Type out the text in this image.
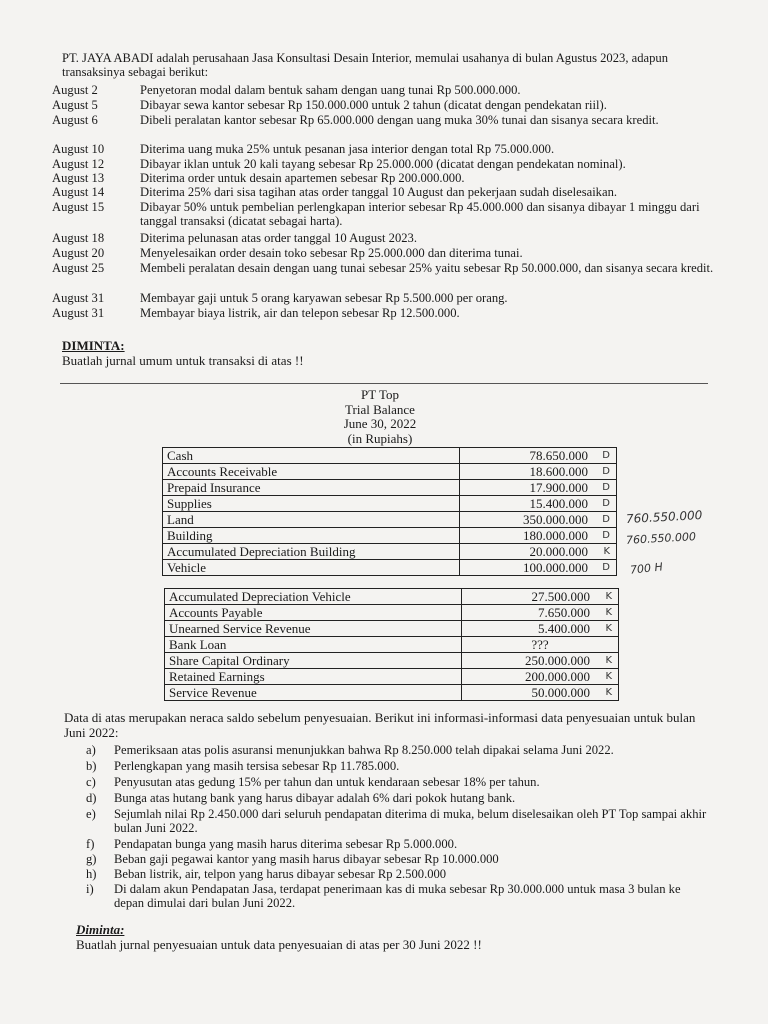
PT. JAYA ABADI adalah perusahaan Jasa Konsultasi Desain Interior, memulai usahanya di bulan Agustus 2023, adapun transaksinya sebagai berikut:
August 2	Penyetoran modal dalam bentuk saham dengan uang tunai Rp 500.000.000.
August 5	Dibayar sewa kantor sebesar Rp 150.000.000 untuk 2 tahun (dicatat dengan pendekatan riil).
August 6	Dibeli peralatan kantor sebesar Rp 65.000.000 dengan uang muka 30% tunai dan sisanya secara kredit.
August 10	Diterima uang muka 25% untuk pesanan jasa interior dengan total Rp 75.000.000.
August 12	Dibayar iklan untuk 20 kali tayang sebesar Rp 25.000.000 (dicatat dengan pendekatan nominal).
August 13	Diterima order untuk desain apartemen sebesar Rp 200.000.000.
August 14	Diterima 25% dari sisa tagihan atas order tanggal 10 August dan pekerjaan sudah diselesaikan.
August 15	Dibayar 50% untuk pembelian perlengkapan interior sebesar Rp 45.000.000 dan sisanya dibayar 1 minggu dari tanggal transaksi (dicatat sebagai harta).
August 18	Diterima pelunasan atas order tanggal 10 August 2023.
August 20	Menyelesaikan order desain toko sebesar Rp 25.000.000 dan diterima tunai.
August 25	Membeli peralatan desain dengan uang tunai sebesar 25% yaitu sebesar Rp 50.000.000, dan sisanya secara kredit.
August 31	Membayar gaji untuk 5 orang karyawan sebesar Rp 5.500.000 per orang.
August 31	Membayar biaya listrik, air dan telepon sebesar Rp 12.500.000.
DIMINTA:
Buatlah jurnal umum untuk transaksi di atas !!
PT Top
Trial Balance
June 30, 2022
(in Rupiahs)
Cash	78.650.000 D

Accounts Receivable	18.600.000 D

Prepaid Insurance	17.900.000 D

Supplies	15.400.000 D

Land	350.000.000 D

Building	180.000.000 D

Accumulated Depreciation Building	20.000.000 K

Vehicle	100.000.000 D
Accumulated Depreciation Vehicle	27.500.000 K

Accounts Payable	7.650.000 K

Unearned Service Revenue	5.400.000 K

Bank Loan	???

Share Capital Ordinary	250.000.000 K

Retained Earnings	200.000.000 K

Service Revenue	50.000.000 K
760.550.000
760.550.000
700 H
Data di atas merupakan neraca saldo sebelum penyesuaian. Berikut ini informasi-informasi data penyesuaian untuk bulan Juni 2022:
a)	Pemeriksaan atas polis asuransi menunjukkan bahwa Rp 8.250.000 telah dipakai selama Juni 2022.
b)	Perlengkapan yang masih tersisa sebesar Rp 11.785.000.
c)	Penyusutan atas gedung 15% per tahun dan untuk kendaraan sebesar 18% per tahun.
d)	Bunga atas hutang bank yang harus dibayar adalah 6% dari pokok hutang bank.
e)	Sejumlah nilai Rp 2.450.000 dari seluruh pendapatan diterima di muka, belum diselesaikan oleh PT Top sampai akhir bulan Juni 2022.
f)	Pendapatan bunga yang masih harus diterima sebesar Rp 5.000.000.
g)	Beban gaji pegawai kantor yang masih harus dibayar sebesar Rp 10.000.000
h)	Beban listrik, air, telpon yang harus dibayar sebesar Rp 2.500.000
i)	Di dalam akun Pendapatan Jasa, terdapat penerimaan kas di muka sebesar Rp 30.000.000 untuk masa 3 bulan ke depan dimulai dari bulan Juni 2022.
Diminta:
Buatlah jurnal penyesuaian untuk data penyesuaian di atas per 30 Juni 2022 !!
